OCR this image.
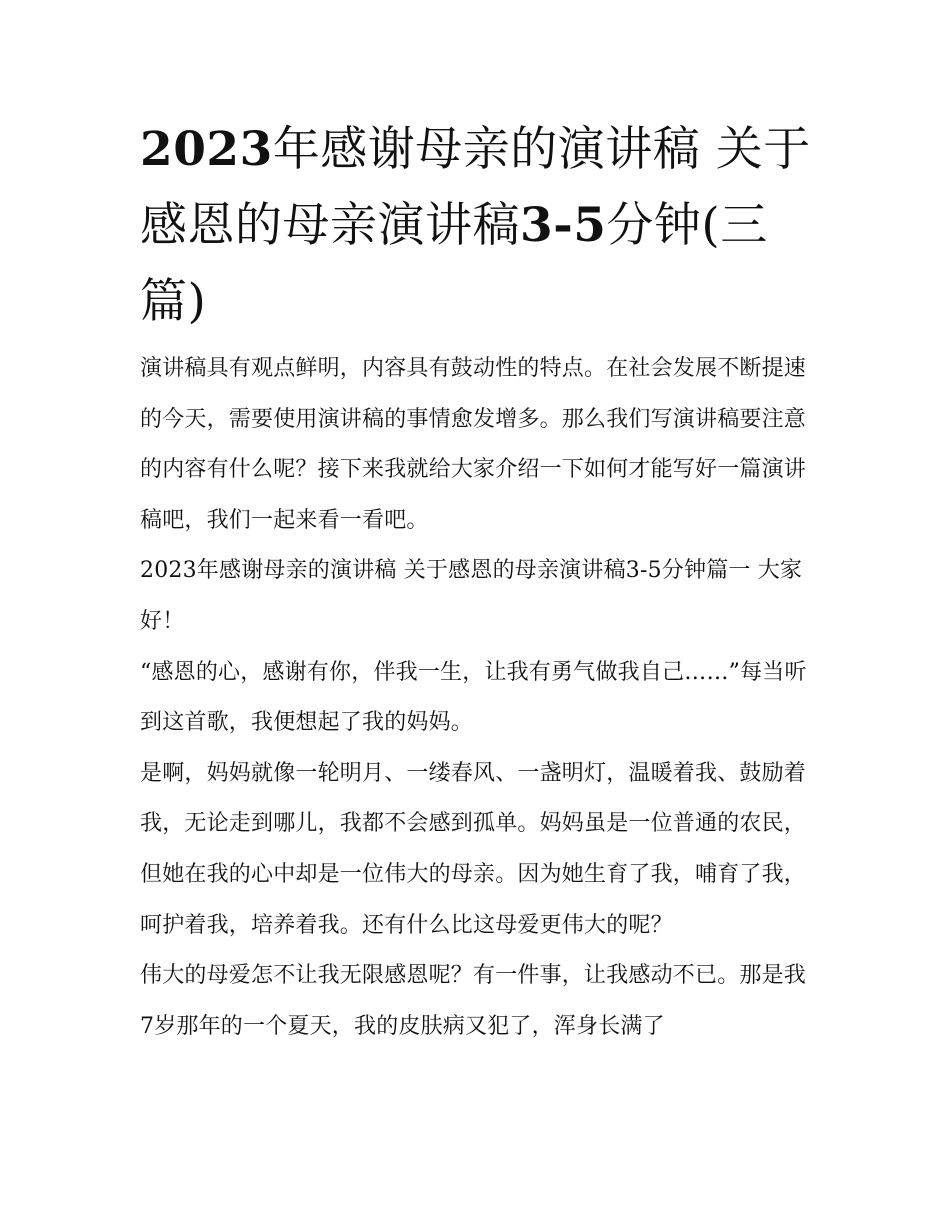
2023年感谢母亲的演讲稿 关于感恩的母亲演讲稿3-5分钟(三篇)

演讲稿具有观点鲜明，内容具有鼓动性的特点。在社会发展不断提速的今天，需要使用演讲稿的事情愈发增多。那么我们写演讲稿要注意的内容有什么呢？接下来我就给大家介绍一下如何才能写好一篇演讲稿吧，我们一起来看一看吧。

2023年感谢母亲的演讲稿 关于感恩的母亲演讲稿3-5分钟篇一 大家好！

“感恩的心，感谢有你，伴我一生，让我有勇气做我自己……”每当听到这首歌，我便想起了我的妈妈。

是啊，妈妈就像一轮明月、一缕春风、一盏明灯，温暖着我、鼓励着我，无论走到哪儿，我都不会感到孤单。妈妈虽是一位普通的农民，但她在我的心中却是一位伟大的母亲。因为她生育了我，哺育了我，呵护着我，培养着我。还有什么比这母爱更伟大的呢？

伟大的母爱怎不让我无限感恩呢？有一件事，让我感动不已。那是我7岁那年的一个夏天，我的皮肤病又犯了，浑身长满了
